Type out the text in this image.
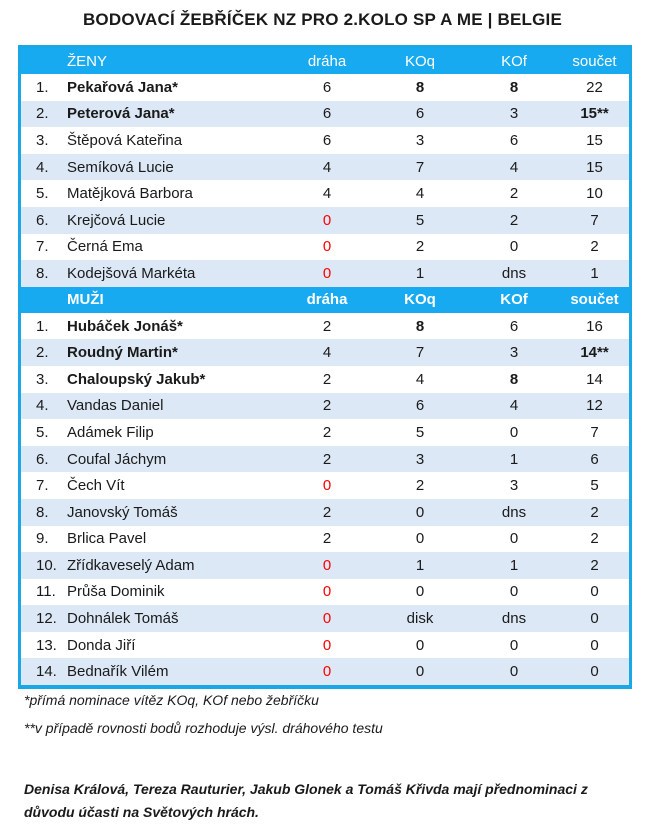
BODOVACÍ ŽEBŘÍČEK NZ PRO 2.KOLO SP A ME | BELGIE
ŽENY	dráha	KOq	KOf	součet
1.	Pekařová Jana*	6	8	8	22
2.	Peterová Jana*	6	6	3	15**
3.	Štěpová Kateřina	6	3	6	15
4.	Semíková Lucie	4	7	4	15
5.	Matějková Barbora	4	4	2	10
6.	Krejčová Lucie	0	5	2	7
7.	Černá Ema	0	2	0	2
8.	Kodejšová Markéta	0	1	dns	1
MUŽI	dráha	KOq	KOf	součet
1.	Hubáček Jonáš*	2	8	6	16
2.	Roudný Martin*	4	7	3	14**
3.	Chaloupský Jakub*	2	4	8	14
4.	Vandas Daniel	2	6	4	12
5.	Adámek Filip	2	5	0	7
6.	Coufal Jáchym	2	3	1	6
7.	Čech Vít	0	2	3	5
8.	Janovský Tomáš	2	0	dns	2
9.	Brlica Pavel	2	0	0	2
10. Zřídkaveselý Adam	0	1	1	2
11. Průša Dominik	0	0	0	0
12. Dohnálek Tomáš	0	disk	dns	0
13. Donda Jiří	0	0	0	0
14. Bednařík Vilém	0	0	0	0
*přímá nominace vítěz KOq, KOf nebo žebříčku
**v případě rovnosti bodů rozhoduje výsl. dráhového testu
Denisa Králová, Tereza Rauturier, Jakub Glonek a Tomáš Křivda mají přednominaci z důvodu účasti na Světových hrách.
